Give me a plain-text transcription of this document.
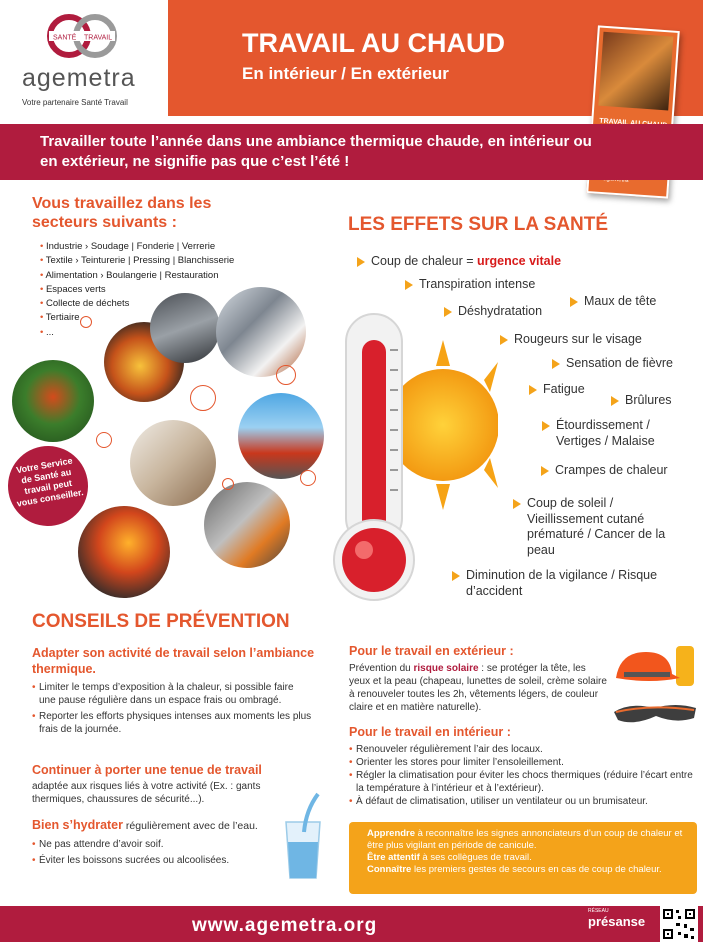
SANTÉ TRAVAIL
agemetra
Votre partenaire Santé Travail
TRAVAIL AU CHAUD
En intérieur / En extérieur

Travailler toute l’année dans une ambiance thermique chaude, en intérieur ou en extérieur, ne signifie pas que c’est l’été !

Vous travaillez dans les secteurs suivants :
• Industrie › Soudage | Fonderie | Verrerie
• Textile › Teinturerie | Pressing | Blanchisserie
• Alimentation › Boulangerie | Restauration
• Espaces verts
• Collecte de déchets
• Tertiaire
• ...

Votre Service de Santé au travail peut vous conseiller.

LES EFFETS SUR LA SANTÉ
Coup de chaleur = urgence vitale
Transpiration intense
Déshydratation
Maux de tête
Rougeurs sur le visage
Sensation de fièvre
Fatigue
Brûlures
Étourdissement / Vertiges / Malaise
Crampes de chaleur
Coup de soleil / Vieillissement cutané prématuré / Cancer de la peau
Diminution de la vigilance / Risque d’accident
CONSEILS DE PRÉVENTION
Adapter son activité de travail selon l’ambiance thermique.
• Limiter le temps d’exposition à la chaleur, si possible faire une pause régulière dans un espace frais ou ombragé.
• Reporter les efforts physiques intenses aux moments les plus frais de la journée.
Continuer à porter une tenue de travail
adaptée aux risques liés à votre activité (Ex. : gants thermiques, chaussures de sécurité...).
Bien s’hydrater régulièrement avec de l’eau.
• Ne pas attendre d’avoir soif.
• Éviter les boissons sucrées ou alcoolisées.
Pour le travail en extérieur :
Prévention du risque solaire : se protéger la tête, les yeux et la peau (chapeau, lunettes de soleil, crème solaire à renouveler toutes les 2h, vêtements légers, de couleur claire et en matière naturelle).
Pour le travail en intérieur :
• Renouveler régulièrement l’air des locaux.
• Orienter les stores pour limiter l’ensoleillement.
• Régler la climatisation pour éviter les chocs thermiques (réduire l’écart entre la température à l’intérieur et à l’extérieur).
• À défaut de climatisation, utiliser un ventilateur ou un brumisateur.

Apprendre à reconnaître les signes annonciateurs d’un coup de chaleur et être plus vigilant en période de canicule.
Être attentif à ses collègues de travail.
Connaître les premiers gestes de secours en cas de coup de chaleur.

www.agemetra.org
RÉSEAU
présanse
